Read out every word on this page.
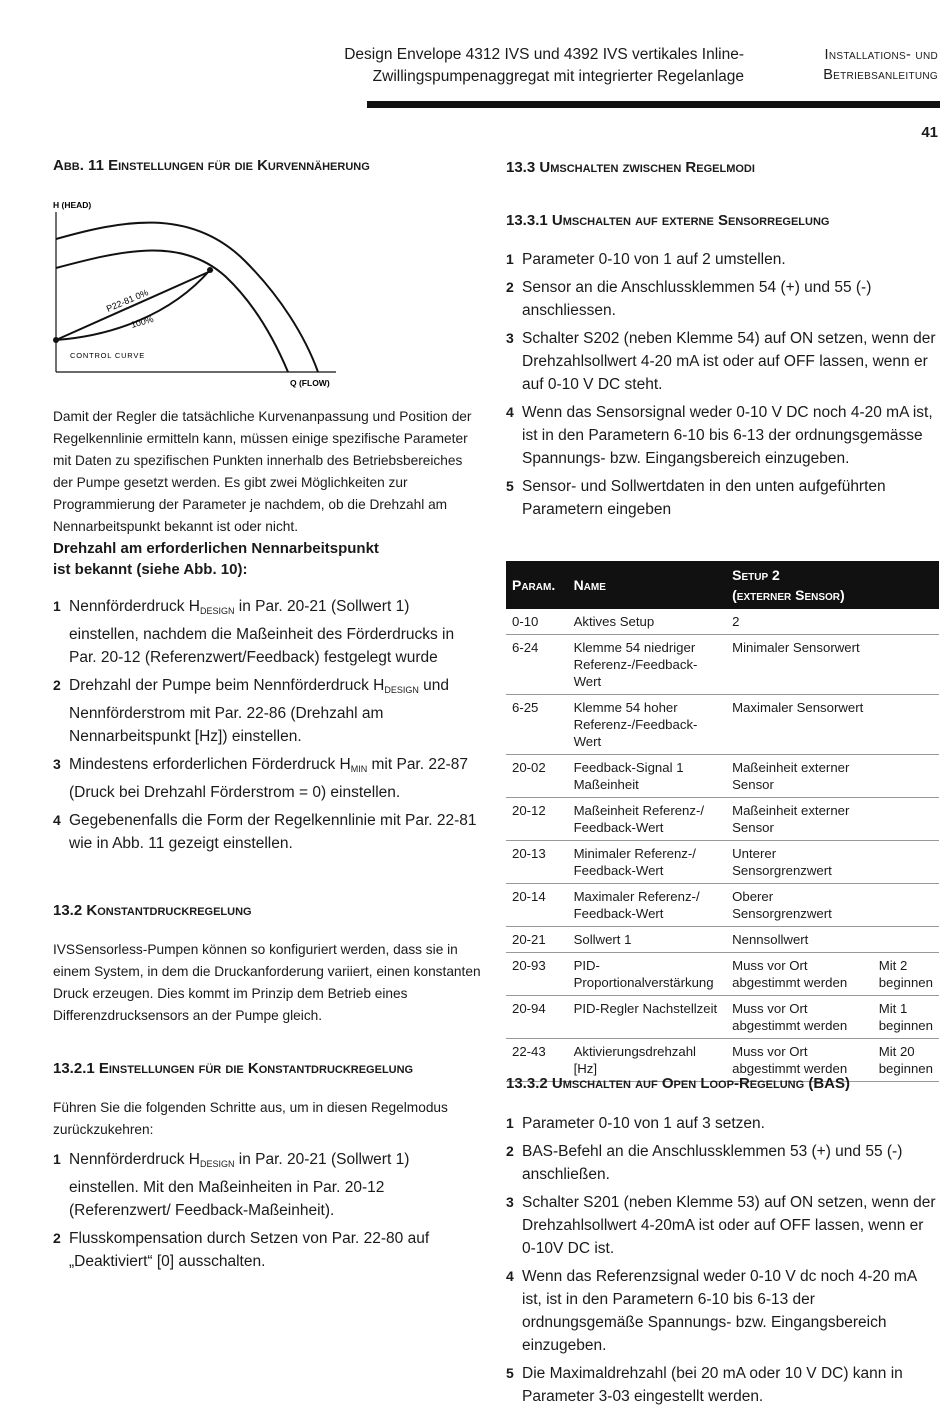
Design Envelope 4312 IVS und 4392 IVS vertikales Inline-
Zwillingspumpenaggregat mit integrierter Regelanlage
Installations- und
Betriebsanleitung
41
Abb. 11 Einstellungen für die Kurvennäherung
H (HEAD)
P22-81 0%
100%
CONTROL CURVE
Q (FLOW)
Damit der Regler die tatsächliche Kurvenanpassung und Position der Regelkennlinie ermitteln kann, müssen einige spezifische Parameter mit Daten zu spezifischen Punkten innerhalb des Betriebsbereiches der Pumpe gesetzt werden. Es gibt zwei Möglichkeiten zur Programmierung der Parameter je nachdem, ob die Drehzahl am Nennarbeitspunkt bekannt ist oder nicht.
Drehzahl am erforderlichen Nennarbeitspunkt
ist bekannt (siehe Abb. 10):
1 Nennförderdruck $H_{DESIGN}$ in Par. 20-21 (Sollwert 1) einstellen, nachdem die Maßeinheit des Förderdrucks in Par. 20-12 (Referenzwert/Feedback) festgelegt wurde
2 Drehzahl der Pumpe beim Nennförderdruck $H_{DESIGN}$ und Nennförderstrom mit Par. 22-86 (Drehzahl am Nennarbeitspunkt [Hz]) einstellen.
3 Mindestens erforderlichen Förderdruck $H_{MIN}$ mit Par. 22-87 (Druck bei Drehzahl Förderstrom = 0) einstellen.
4 Gegebenenfalls die Form der Regelkennlinie mit Par. 22-81 wie in Abb. 11 gezeigt einstellen.
13.2 Konstantdruckregelung
IVSSensorless-Pumpen können so konfiguriert werden, dass sie in einem System, in dem die Druckanforderung variiert, einen konstanten Druck erzeugen. Dies kommt im Prinzip dem Betrieb eines Differenzdrucksensors an der Pumpe gleich.
13.2.1 Einstellungen für die Konstantdruckregelung
Führen Sie die folgenden Schritte aus, um in diesen Regelmodus zurückzukehren:
1 Nennförderdruck $H_{DESIGN}$ in Par. 20-21 (Sollwert 1) einstellen. Mit den Maßeinheiten in Par. 20-12 (Referenzwert/ Feedback-Maßeinheit).
2 Flusskompensation durch Setzen von Par. 22-80 auf „Deaktiviert“ [0] ausschalten.
13.3 Umschalten zwischen Regelmodi
13.3.1 Umschalten auf externe Sensorregelung
1 Parameter 0-10 von 1 auf 2 umstellen.
2 Sensor an die Anschlussklemmen 54 (+) und 55 (-) anschliessen.
3 Schalter S202 (neben Klemme 54) auf ON setzen, wenn der Drehzahlsollwert 4-20 mA ist oder auf OFF lassen, wenn er auf 0-10 V DC steht.
4 Wenn das Sensorsignal weder 0-10 V DC noch 4-20 mA ist, ist in den Parametern 6-10 bis 6-13 der ordnungsgemässe Spannungs- bzw. Eingangsbereich einzugeben.
5 Sensor- und Sollwertdaten in den unten aufgeführten Parametern eingeben
Param.	Name	Setup 2
(externer Sensor)	
0-10	Aktives Setup	2	
6-24	Klemme 54 niedriger Referenz-/Feedback-Wert	Minimaler Sensorwert	
6-25	Klemme 54 hoher Referenz-/Feedback-Wert	Maximaler Sensorwert	
20-02	Feedback-Signal 1 Maßeinheit	Maßeinheit externer Sensor	
20-12	Maßeinheit Referenz-/ Feedback-Wert	Maßeinheit externer Sensor	
20-13	Minimaler Referenz-/ Feedback-Wert	Unterer Sensorgrenzwert	
20-14	Maximaler Referenz-/ Feedback-Wert	Oberer Sensorgrenzwert	
20-21	Sollwert 1	Nennsollwert	
20-93	PID-Proportionalverstärkung	Muss vor Ort abgestimmt werden	Mit 2 beginnen
20-94	PID-Regler Nachstellzeit	Muss vor Ort abgestimmt werden	Mit 1 beginnen
22-43	Aktivierungsdrehzahl [Hz]	Muss vor Ort abgestimmt werden	Mit 20 beginnen
13.3.2 Umschalten auf Open Loop-Regelung (BAS)
1 Parameter 0-10 von 1 auf 3 setzen.
2 BAS-Befehl an die Anschlussklemmen 53 (+) und 55 (-) anschließen.
3 Schalter S201 (neben Klemme 53) auf ON setzen, wenn der Drehzahlsollwert 4-20mA ist oder auf OFF lassen, wenn er 0-10V DC ist.
4 Wenn das Referenzsignal weder 0-10 V dc noch 4-20 mA ist, ist in den Parametern 6-10 bis 6-13 der ordnungsgemäße Spannungs- bzw. Eingangsbereich einzugeben.
5 Die Maximaldrehzahl (bei 20 mA oder 10 V DC) kann in Parameter 3-03 eingestellt werden.
